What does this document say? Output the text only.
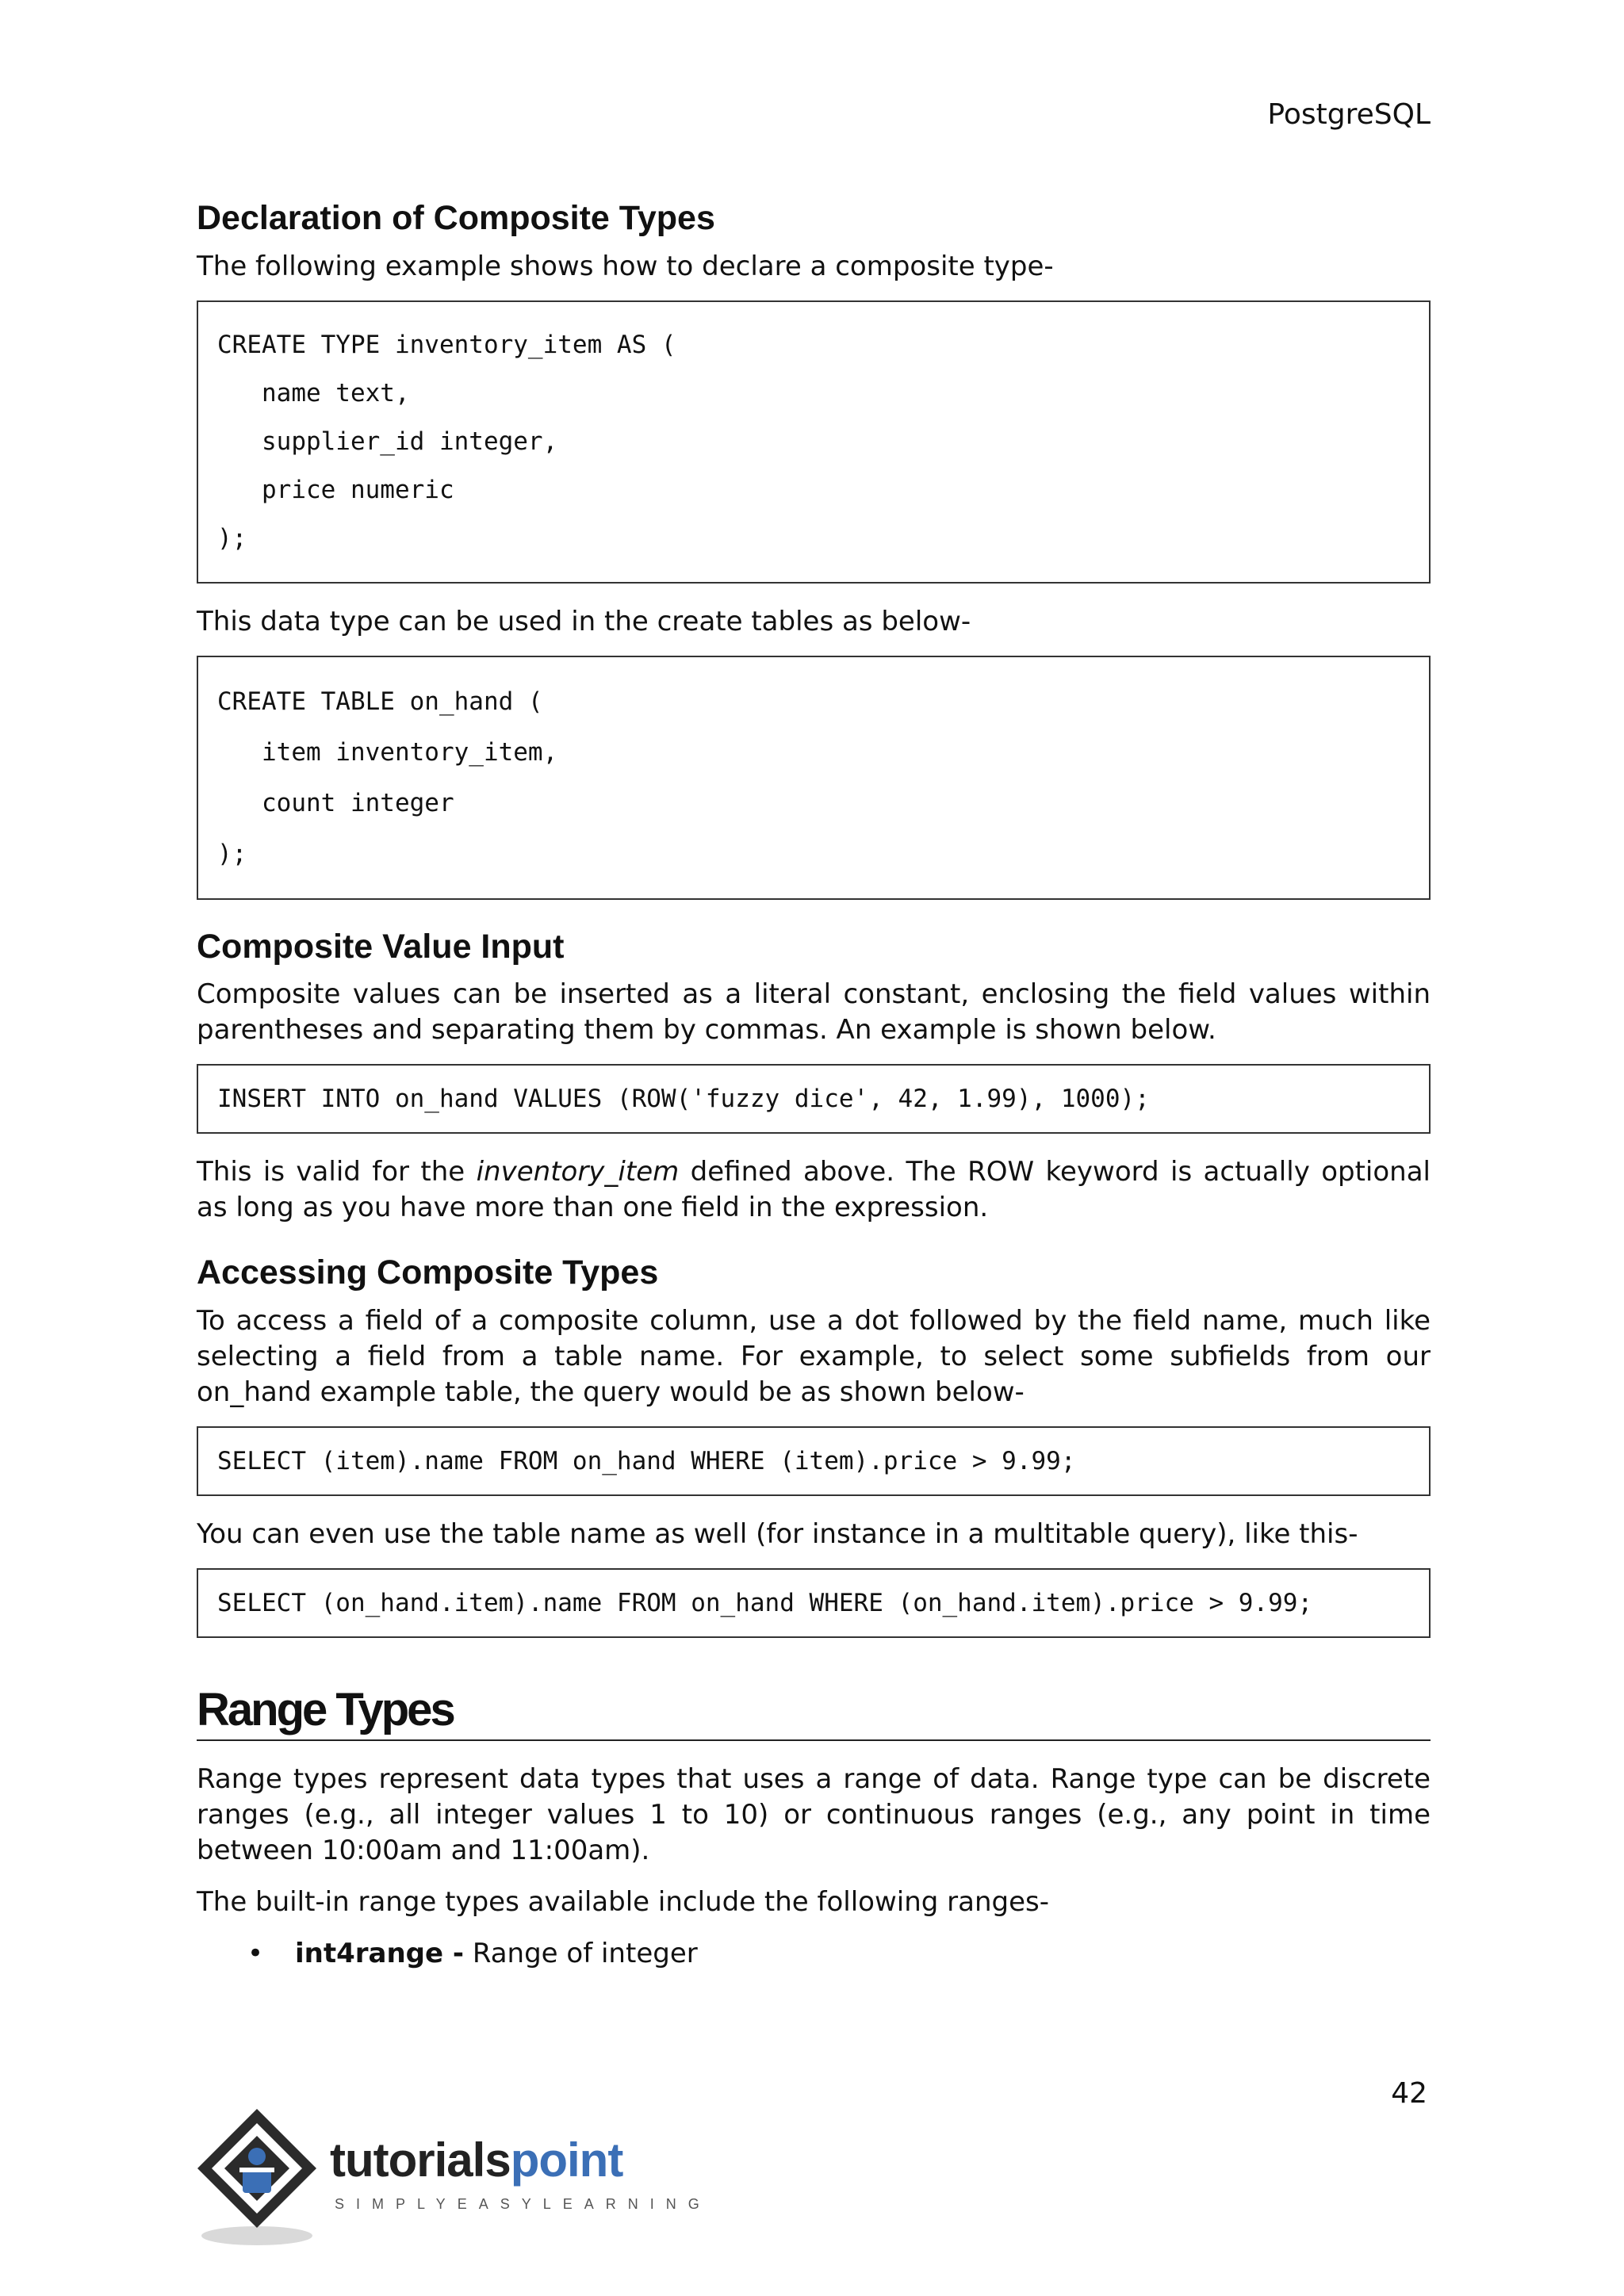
PostgreSQL
Declaration of Composite Types

The following example shows how to declare a composite type-

CREATE TYPE inventory_item AS (
name text,
supplier_id integer,
price numeric
);

This data type can be used in the create tables as below-

CREATE TABLE on_hand (
item inventory_item,
count integer
);
Composite Value Input

Composite values can be inserted as a literal constant, enclosing the field values within parentheses and separating them by commas. An example is shown below.

INSERT INTO on_hand VALUES (ROW('fuzzy dice', 42, 1.99), 1000);

This is valid for the inventory_item defined above. The ROW keyword is actually optional as long as you have more than one field in the expression.

Accessing Composite Types

To access a field of a composite column, use a dot followed by the field name, much like selecting a field from a table name. For example, to select some subfields from our on_hand example table, the query would be as shown below-

SELECT (item).name FROM on_hand WHERE (item).price > 9.99;

You can even use the table name as well (for instance in a multitable query), like this-

SELECT (on_hand.item).name FROM on_hand WHERE (on_hand.item).price > 9.99;
Range Types

Range types represent data types that uses a range of data. Range type can be discrete ranges (e.g., all integer values 1 to 10) or continuous ranges (e.g., any point in time between 10:00am and 11:00am).

The built-in range types available include the following ranges-

• int4range - Range of integer
42
tutorialspoint
SIMPLYEASYLEARNING
